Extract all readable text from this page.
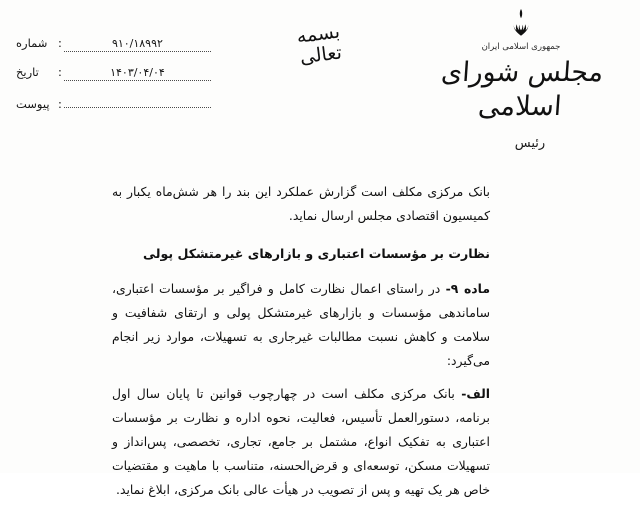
جمهوری اسلامی ایران
مجلس شورای اسلامی
رئیس
بسمه تعالی
۹۱۰/۱۸۹۹۲
:
شماره
۱۴۰۳/۰۴/۰۴
:
تاریخ
:
پیوست

بانک مرکزی مکلف است گزارش عملکرد این بند را هر شش‌ماه یکبار به کمیسیون اقتصادی مجلس ارسال نماید.

نظارت بر مؤسسات اعتباری و بازارهای غیرمتشکل پولی

ماده ۹- در راستای اعمال نظارت کامل و فراگیر بر مؤسسات اعتباری، ساماندهی مؤسسات و بازارهای غیرمتشکل پولی و ارتقای شفافیت و سلامت و کاهش نسبت مطالبات غیرجاری به تسهیلات، موارد زیر انجام می‌گیرد:

الف- بانک مرکزی مکلف است در چهارچوب قوانین تا پایان سال اول برنامه، دستورالعمل تأسیس، فعالیت، نحوه اداره و نظارت بر مؤسسات اعتباری به تفکیک انواع، مشتمل بر جامع، تجاری، تخصصی، پس‌انداز و تسهیلات مسکن، توسعه‌ای و قرض‌الحسنه، متناسب با ماهیت و مقتضیات خاص هر یک تهیه و پس از تصویب در هیأت عالی بانک مرکزی، ابلاغ نماید.
